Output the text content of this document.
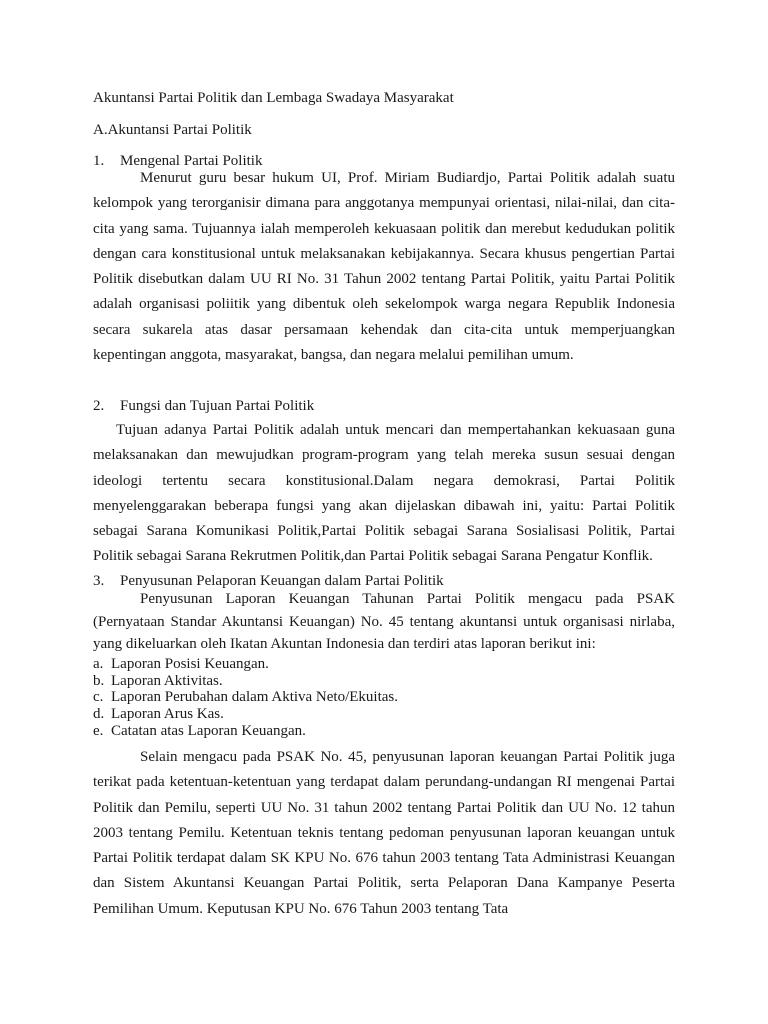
Akuntansi Partai Politik dan Lembaga Swadaya Masyarakat
A.Akuntansi Partai Politik
1. Mengenal Partai Politik

Menurut guru besar hukum UI, Prof. Miriam Budiardjo, Partai Politik adalah suatu kelompok yang terorganisir dimana para anggotanya mempunyai orientasi, nilai-nilai, dan cita-cita yang sama. Tujuannya ialah memperoleh kekuasaan politik dan merebut kedudukan politik dengan cara konstitusional untuk melaksanakan kebijakannya. Secara khusus pengertian Partai Politik disebutkan dalam UU RI No. 31 Tahun 2002 tentang Partai Politik, yaitu Partai Politik adalah organisasi poliitik yang dibentuk oleh sekelompok warga negara Republik Indonesia secara sukarela atas dasar persamaan kehendak dan cita-cita untuk memperjuangkan kepentingan anggota, masyarakat, bangsa, dan negara melalui pemilihan umum.

2. Fungsi dan Tujuan Partai Politik

Tujuan adanya Partai Politik adalah untuk mencari dan mempertahankan kekuasaan guna melaksanakan dan mewujudkan program-program yang telah mereka susun sesuai dengan ideologi tertentu secara konstitusional.Dalam negara demokrasi, Partai Politik menyelenggarakan beberapa fungsi yang akan dijelaskan dibawah ini, yaitu: Partai Politik sebagai Sarana Komunikasi Politik,Partai Politik sebagai Sarana Sosialisasi Politik, Partai Politik sebagai Sarana Rekrutmen Politik,dan Partai Politik sebagai Sarana Pengatur Konflik.

3. Penyusunan Pelaporan Keuangan dalam Partai Politik

Penyusunan Laporan Keuangan Tahunan Partai Politik mengacu pada PSAK (Pernyataan Standar Akuntansi Keuangan) No. 45 tentang akuntansi untuk organisasi nirlaba, yang dikeluarkan oleh Ikatan Akuntan Indonesia dan terdiri atas laporan berikut ini:

a. Laporan Posisi Keuangan.
b. Laporan Aktivitas.
c. Laporan Perubahan dalam Aktiva Neto/Ekuitas.
d. Laporan Arus Kas.
e. Catatan atas Laporan Keuangan.

Selain mengacu pada PSAK No. 45, penyusunan laporan keuangan Partai Politik juga terikat pada ketentuan-ketentuan yang terdapat dalam perundang-undangan RI mengenai Partai Politik dan Pemilu, seperti UU No. 31 tahun 2002 tentang Partai Politik dan UU No. 12 tahun 2003 tentang Pemilu. Ketentuan teknis tentang pedoman penyusunan laporan keuangan untuk Partai Politik terdapat dalam SK KPU No. 676 tahun 2003 tentang Tata Administrasi Keuangan dan Sistem Akuntansi Keuangan Partai Politik, serta Pelaporan Dana Kampanye Peserta Pemilihan Umum. Keputusan KPU No. 676 Tahun 2003 tentang Tata
